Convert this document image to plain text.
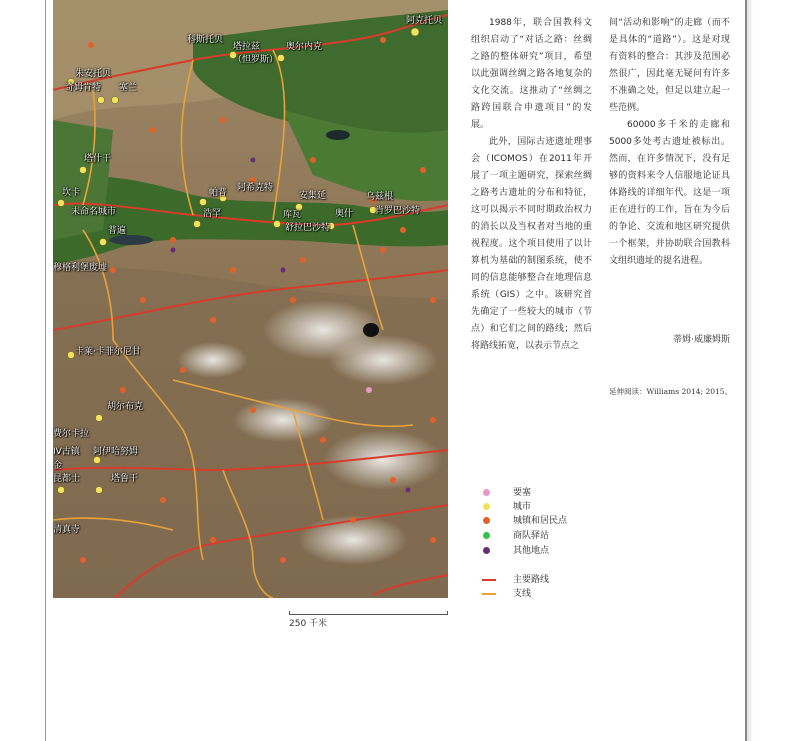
阿克托贝
科斯托贝
塔拉兹	奥尔内克
（怛罗斯）
朱安托贝
奇姆肯特 塞兰
塔什干
帕普 阿希克特
安集延	乌兹根
坎卡
未命名城市	浩罕	库瓦	奥什 肖罗巴沙特
舒拉巴沙特
普遍
穆格利堡废墟
卡莱·卡菲尔尼甘
胡尔布克
费尔卡拉
IV古镇 阿伊哈努姆
金
昆都士	塔鲁干
清真寺
250 千米

1988年，联合国教科文组织启动了“对话之路：丝绸之路的整体研究”项目，希望以此强调丝绸之路各地复杂的文化交流。这推动了“丝绸之路跨国联合申遗项目”的发展。

此外，国际古迹遗址理事会（ICOMOS）在2011年开展了一项主题研究，探索丝绸之路考古遗址的分布和特征，这可以揭示不同时期政治权力的消长以及当权者对当地的重视程度。这个项目使用了以计算机为基础的制图系统，使不同的信息能够整合在地理信息系统（GIS）之中。该研究首先确定了一些较大的城市（节点）和它们之间的路线；然后将路线拓宽，以表示节点之

间“活动和影响”的走廊（而不是具体的“道路”）。这是对现有资料的整合：其涉及范围必然很广，因此毫无疑问有许多不准确之处，但足以建立起一些范例。

60000多千米的走廊和5000多处考古遗址被标出。然而，在许多情况下，没有足够的资料来令人信服地论证具体路线的详细年代。这是一项正在进行的工作，旨在为今后的争论、交流和地区研究提供一个框架，并协助联合国教科文组织遗址的提名进程。

蒂姆·威廉姆斯
延伸阅读：Williams 2014; 2015。
要塞
城市
城镇和居民点
商队驿站
其他地点
主要路线
支线
